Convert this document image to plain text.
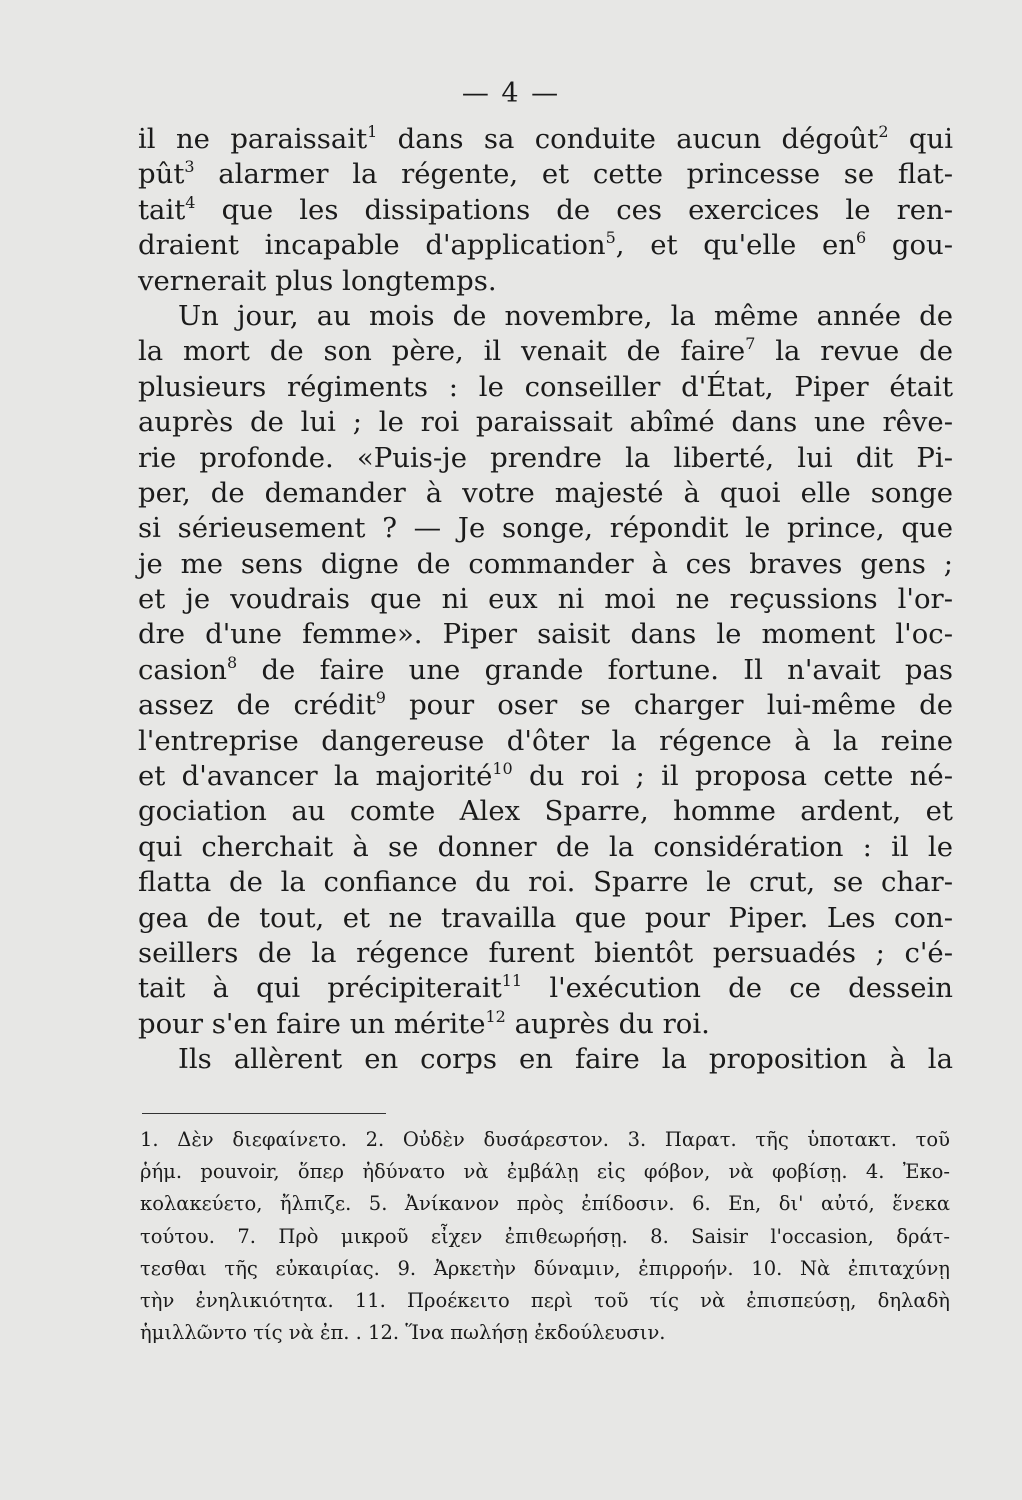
— 4 —
il ne paraissait$^1$ dans sa conduite aucun dégoût$^2$ qui
pût$^3$ alarmer la régente, et cette princesse se flat-
tait$^4$ que les dissipations de ces exercices le ren-
draient incapable d'application$^5$, et qu'elle $en^6$ gou-
vernerait plus longtemps.
Un jour, au mois de novembre, la même année de
la mort de son père, il venait de faire$^7$ la revue de
plusieurs régiments : le conseiller d'État, Piper était
auprès de lui ; le roi paraissait abîmé dans une rêve-
rie profonde. «Puis-je prendre la liberté, lui dit Pi-
per, de demander à votre majesté à quoi elle songe
si sérieusement ? — Je songe, répondit le prince, que
je me sens digne de commander à ces braves gens ;
et je voudrais que ni eux ni moi ne reçussions l'or-
dre d'une femme». Piper saisit dans le moment l'oc-
casion$^8$ de faire une grande fortune. Il n'avait pas
assez de crédit$^9$ pour oser se charger lui-même de
l'entreprise dangereuse d'ôter la régence à la reine
et d'avancer la majorité$^{10}$ du roi ; il proposa cette né-
gociation au comte Alex Sparre, homme ardent, et
qui cherchait à se donner de la considération : il le
flatta de la confiance du roi. Sparre le crut, se char-
gea de tout, et ne travailla que pour Piper. Les con-
seillers de la régence furent bientôt persuadés ; c'é-
tait à qui précipiterait$^{11}$ l'exécution de ce dessein
pour s'en faire un mérite$^{12}$ auprès du roi.
Ils allèrent en corps en faire la proposition à la
1. Δὲν διεφαίνετο. 2. Οὐδὲν δυσάρεστον. 3. Παρατ. τῆς ὑποτακτ. τοῦ
ῥήμ. pouvoir, ὅπερ ἠδύνατο νὰ ἐμβάλῃ εἰς φόβον, νὰ φοβίσῃ. 4. Ἐκο-
κολακεύετο, ἤλπιζε. 5. Ἀνίκανον πρὸς ἐπίδοσιν. 6. En, δι' αὐτό, ἕνεκα
τούτου. 7. Πρὸ μικροῦ εἶχεν ἐπιθεωρήσῃ. 8. Saisir l'occasion, δράτ-
τεσθαι τῆς εὐκαιρίας. 9. Ἀρκετὴν δύναμιν, ἐπιρροήν. 10. Νὰ ἐπιταχύνῃ
τὴν ἐνηλικιότητα. 11. Προέκειτο περὶ τοῦ τίς νὰ ἐπισπεύσῃ, δηλαδὴ
ἡμιλλῶντο τίς νὰ ἐπ. . 12. Ἵνα πωλήσῃ ἐκδούλευσιν.
